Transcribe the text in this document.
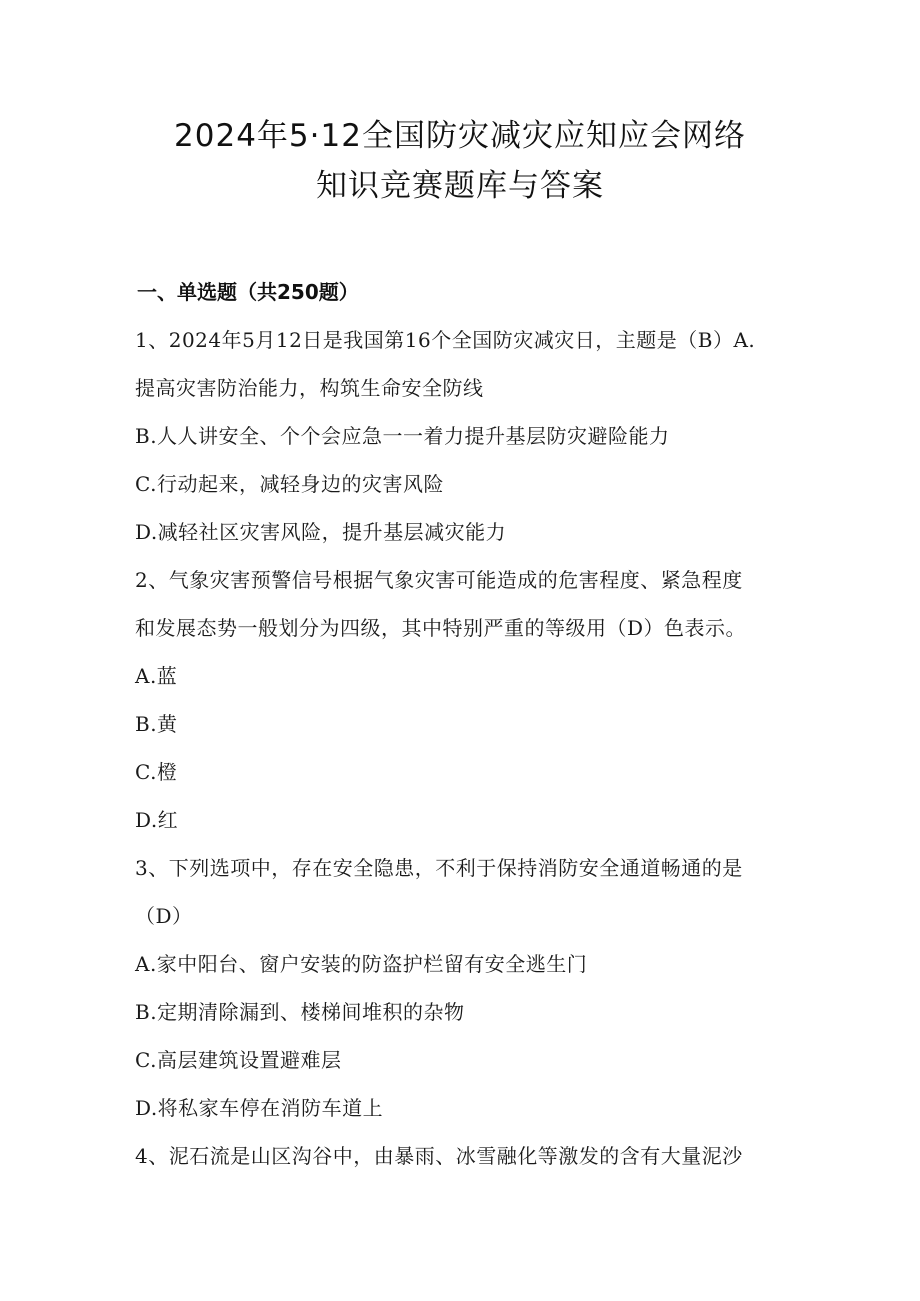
2024年5·12全国防灾减灾应知应会网络
知识竞赛题库与答案
一、单选题（共250题）
1、2024年5月12日是我国第16个全国防灾减灾日，主题是（B）A.
提高灾害防治能力，构筑生命安全防线
B.人人讲安全、个个会应急一一着力提升基层防灾避险能力
C.行动起来，减轻身边的灾害风险
D.减轻社区灾害风险，提升基层减灾能力
2、气象灾害预警信号根据气象灾害可能造成的危害程度、紧急程度
和发展态势一般划分为四级，其中特别严重的等级用（D）色表示。
A.蓝
B.黄
C.橙
D.红
3、下列选项中，存在安全隐患，不利于保持消防安全通道畅通的是
（D）
A.家中阳台、窗户安装的防盗护栏留有安全逃生门
B.定期清除漏到、楼梯间堆积的杂物
C.高层建筑设置避难层
D.将私家车停在消防车道上
4、泥石流是山区沟谷中，由暴雨、冰雪融化等激发的含有大量泥沙
